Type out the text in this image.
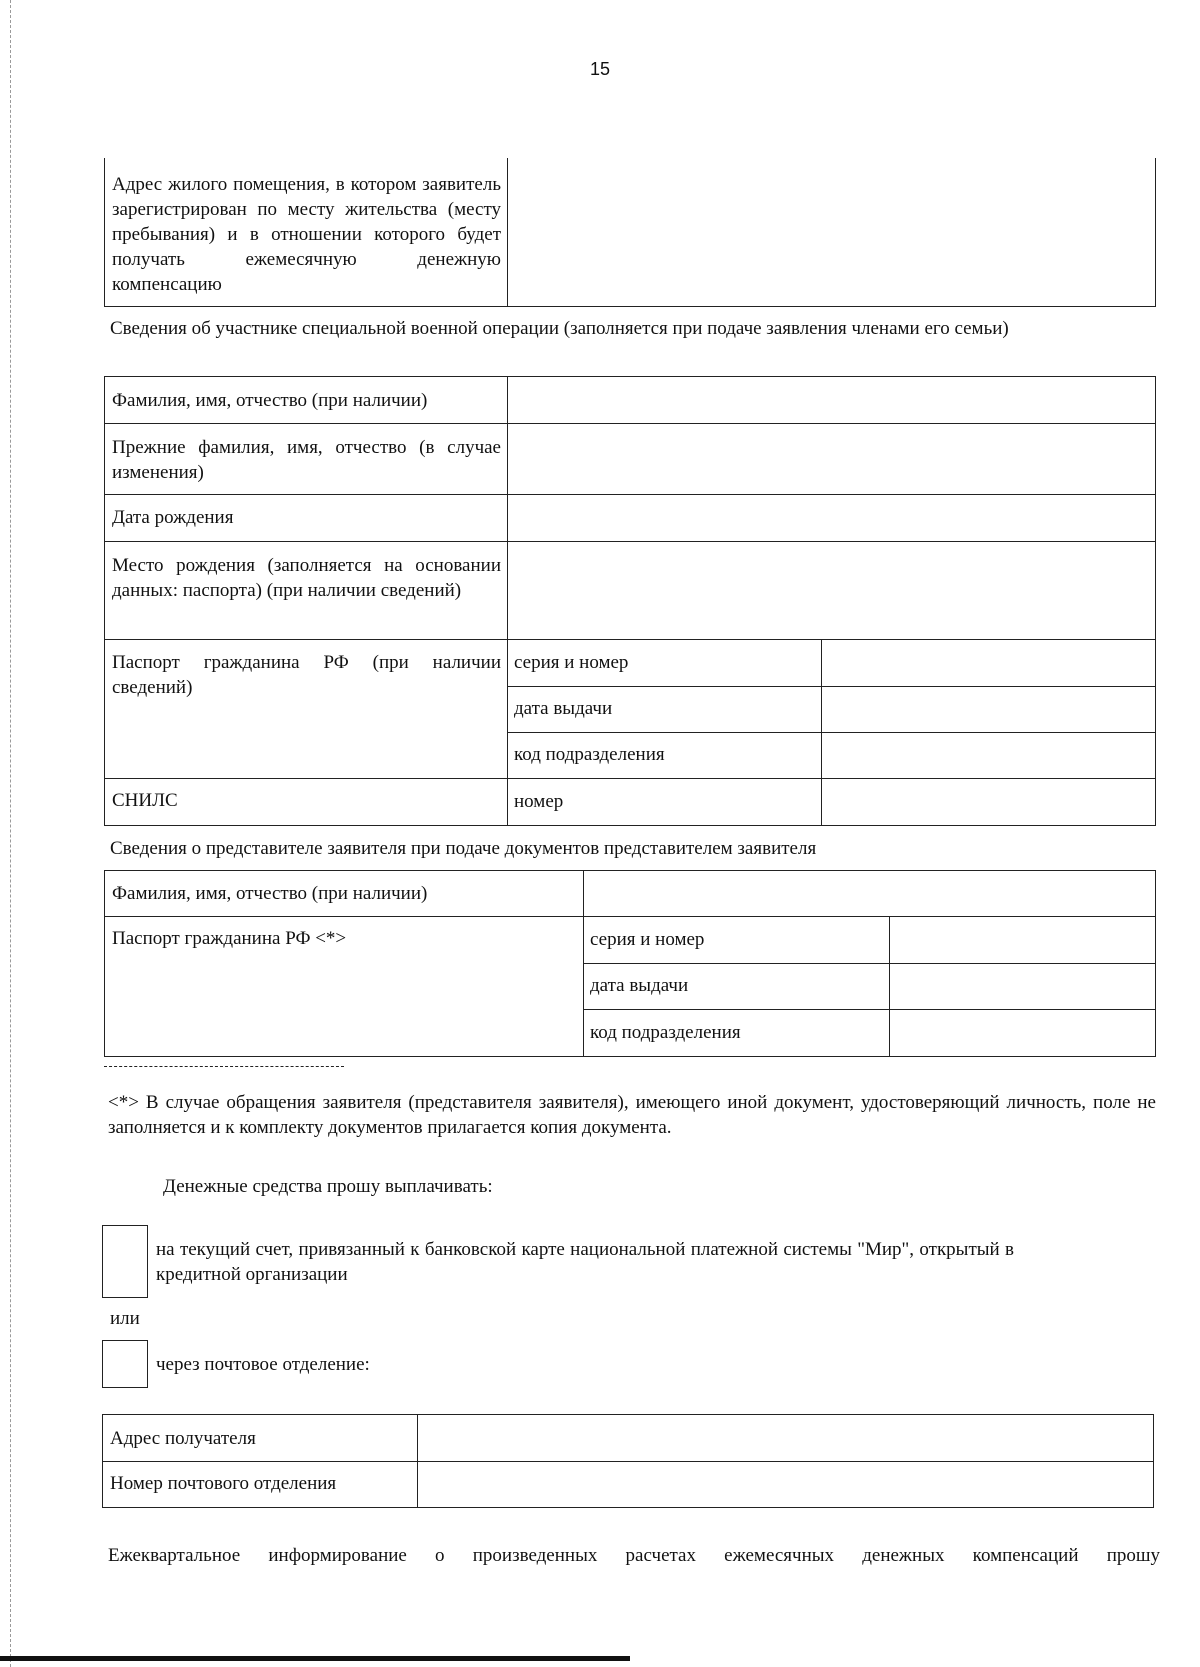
15
Адрес жилого помещения, в котором заявитель зарегистрирован по месту жительства (месту пребывания) и в отношении которого будет получать ежемесячную денежную компенсацию
Сведения об участнике специальной военной операции (заполняется при подаче заявления членами его семьи)
Фамилия, имя, отчество (при наличии)
Прежние фамилия, имя, отчество (в случае изменения)
Дата рождения
Место рождения (заполняется на основании данных: паспорта) (при наличии сведений)
Паспорт гражданина РФ (при наличии сведений)
серия и номер
дата выдачи
код подразделения
СНИЛС	номер
Сведения о представителе заявителя при подаче документов представителем заявителя
Фамилия, имя, отчество (при наличии)
Паспорт гражданина РФ <*>	серия и номер
дата выдачи
код подразделения
<*> В случае обращения заявителя (представителя заявителя), имеющего иной документ, удостоверяющий личность, поле не заполняется и к комплекту документов прилагается копия документа.
Денежные средства прошу выплачивать:
на текущий счет, привязанный к банковской карте национальной платежной системы "Мир", открытый в кредитной организации
или
через почтовое отделение:
Адрес получателя
Номер почтового отделения
Ежеквартальное информирование о произведенных расчетах ежемесячных денежных компенсаций прошу
